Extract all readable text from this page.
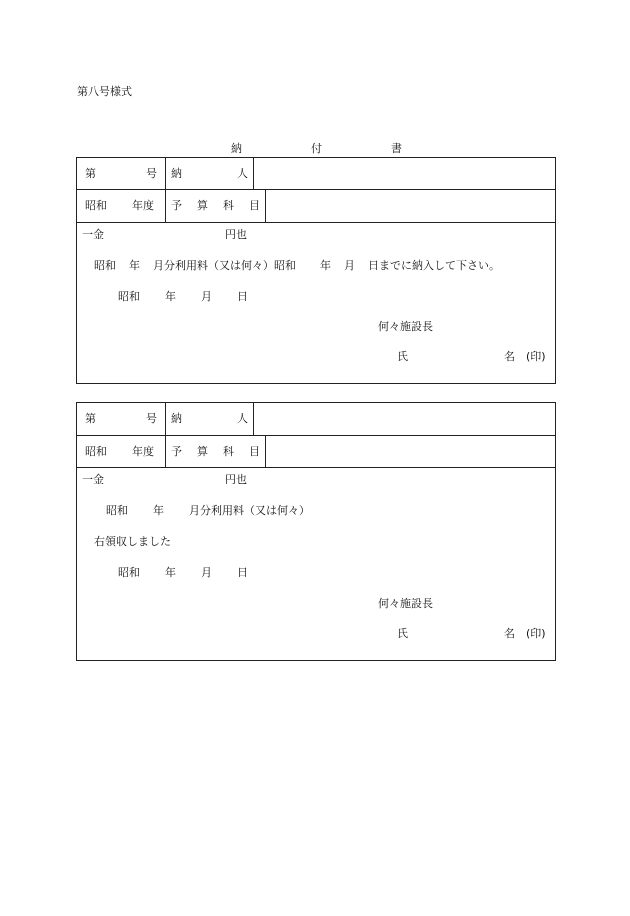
第八号様式
納	付	書
第	号 納	人
昭和 年度 予 算 科 目
一金	円也
昭和 年 月分利用料（又は何々）昭和 年 月 日までに納入して下さい。
昭和 年 月 日
何々施設長
氏	名 (印)
第	号 納	人
昭和 年度 予 算 科 目
一金	円也
昭和 年 月分利用料（又は何々）
右領収しました
昭和 年 月 日
何々施設長
氏	名 (印)
